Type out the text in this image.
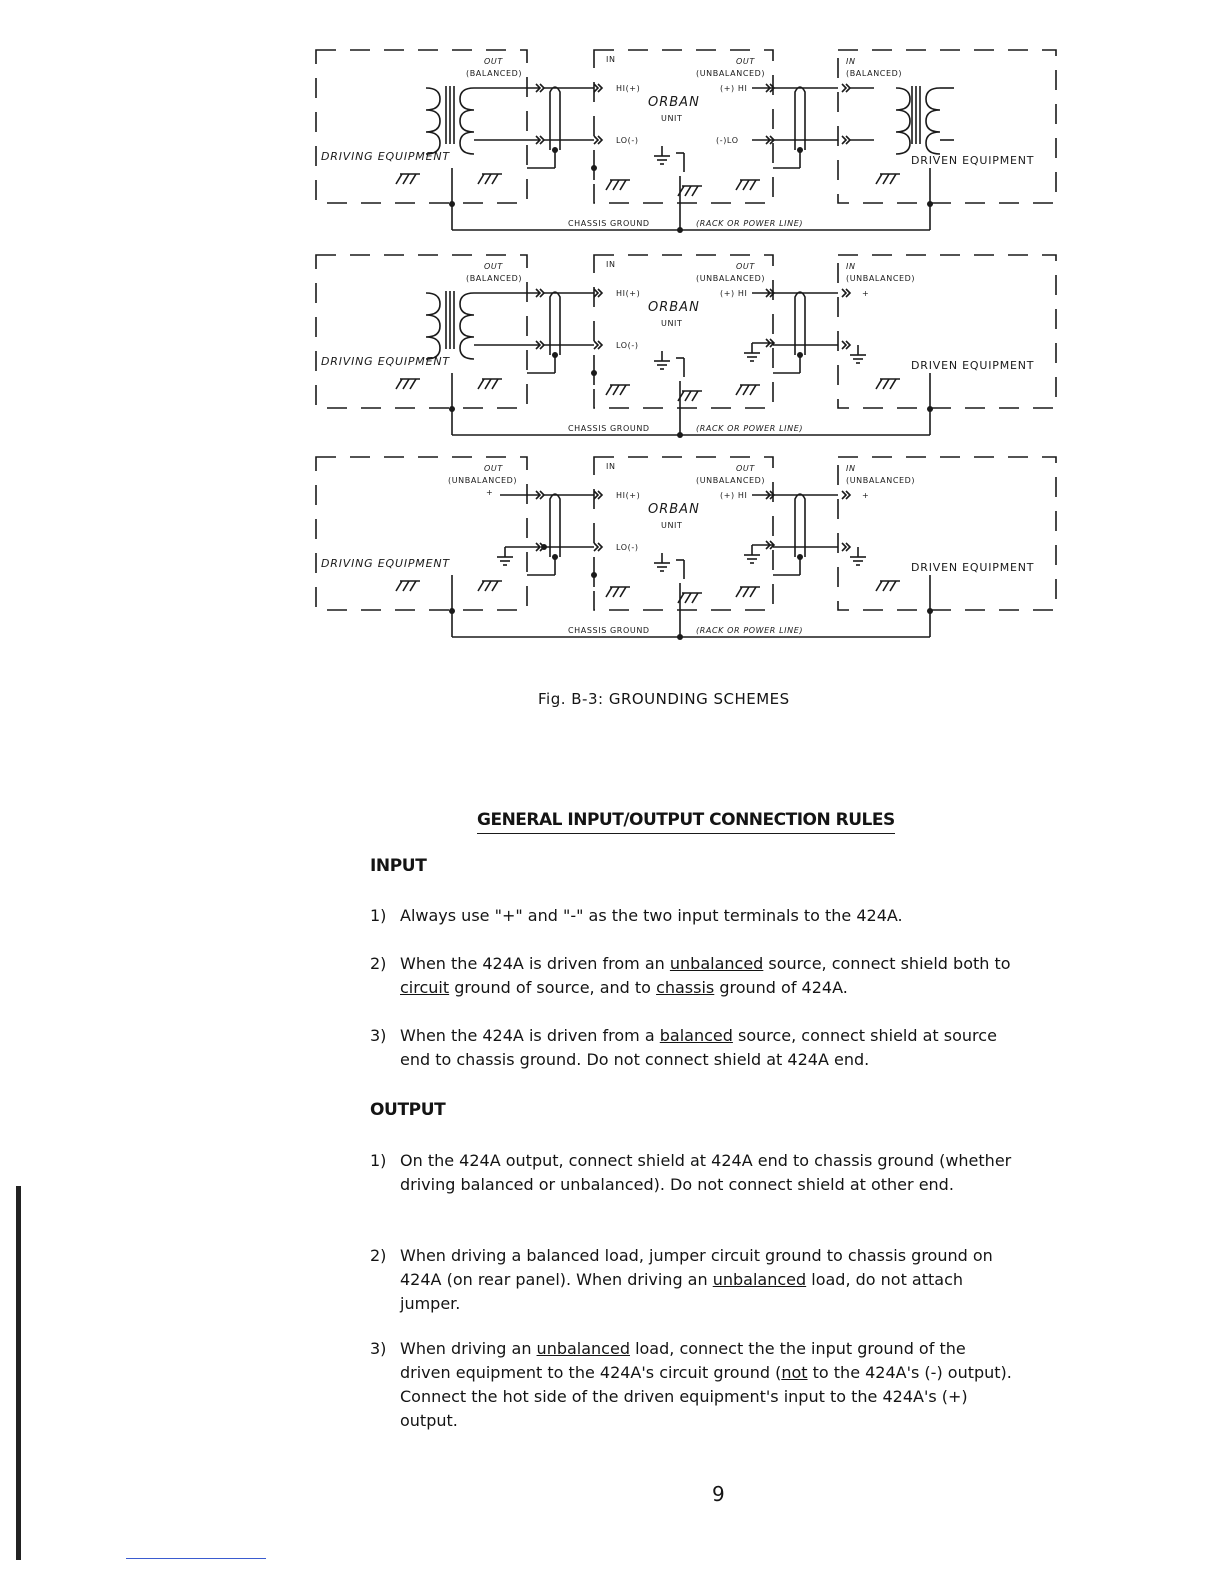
DRIVING EQUIPMENT
OUT
(BALANCED)
IN
HI(+)
LO(-)
ORBAN
UNIT
OUT
(UNBALANCED)
(+) HI
(-)LO
IN
(BALANCED)
DRIVEN EQUIPMENT
CHASSIS GROUND	(RACK OR POWER LINE)
DRIVING EQUIPMENT
OUT
(BALANCED)
IN
HI(+)
LO(-)
ORBAN
UNIT
OUT
(UNBALANCED)
(+) HI
IN
(UNBALANCED)
DRIVEN EQUIPMENT
+
CHASSIS GROUND	(RACK OR POWER LINE)
DRIVING EQUIPMENT
OUT
(UNBALANCED)
+
IN
HI(+)
LO(-)
ORBAN
UNIT
OUT
(UNBALANCED)
(+) HI
IN
(UNBALANCED)
DRIVEN EQUIPMENT
+
CHASSIS GROUND	(RACK OR POWER LINE)
Fig. B-3: GROUNDING SCHEMES
GENERAL INPUT/OUTPUT CONNECTION RULES
INPUT
1) Always use "+" and "-" as the two input terminals to the 424A.
2) When the 424A is driven from an unbalanced source, connect shield both to circuit ground of source, and to chassis ground of 424A.
3) When the 424A is driven from a balanced source, connect shield at source end to chassis ground. Do not connect shield at 424A end.
OUTPUT
1) On the 424A output, connect shield at 424A end to chassis ground (whether driving balanced or unbalanced). Do not connect shield at other end.
2) When driving a balanced load, jumper circuit ground to chassis ground on 424A (on rear panel). When driving an unbalanced load, do not attach jumper.
3) When driving an unbalanced load, connect the the input ground of the driven equipment to the 424A's circuit ground (not to the 424A's (-) output). Connect the hot side of the driven equipment's input to the 424A's (+) output.
9
